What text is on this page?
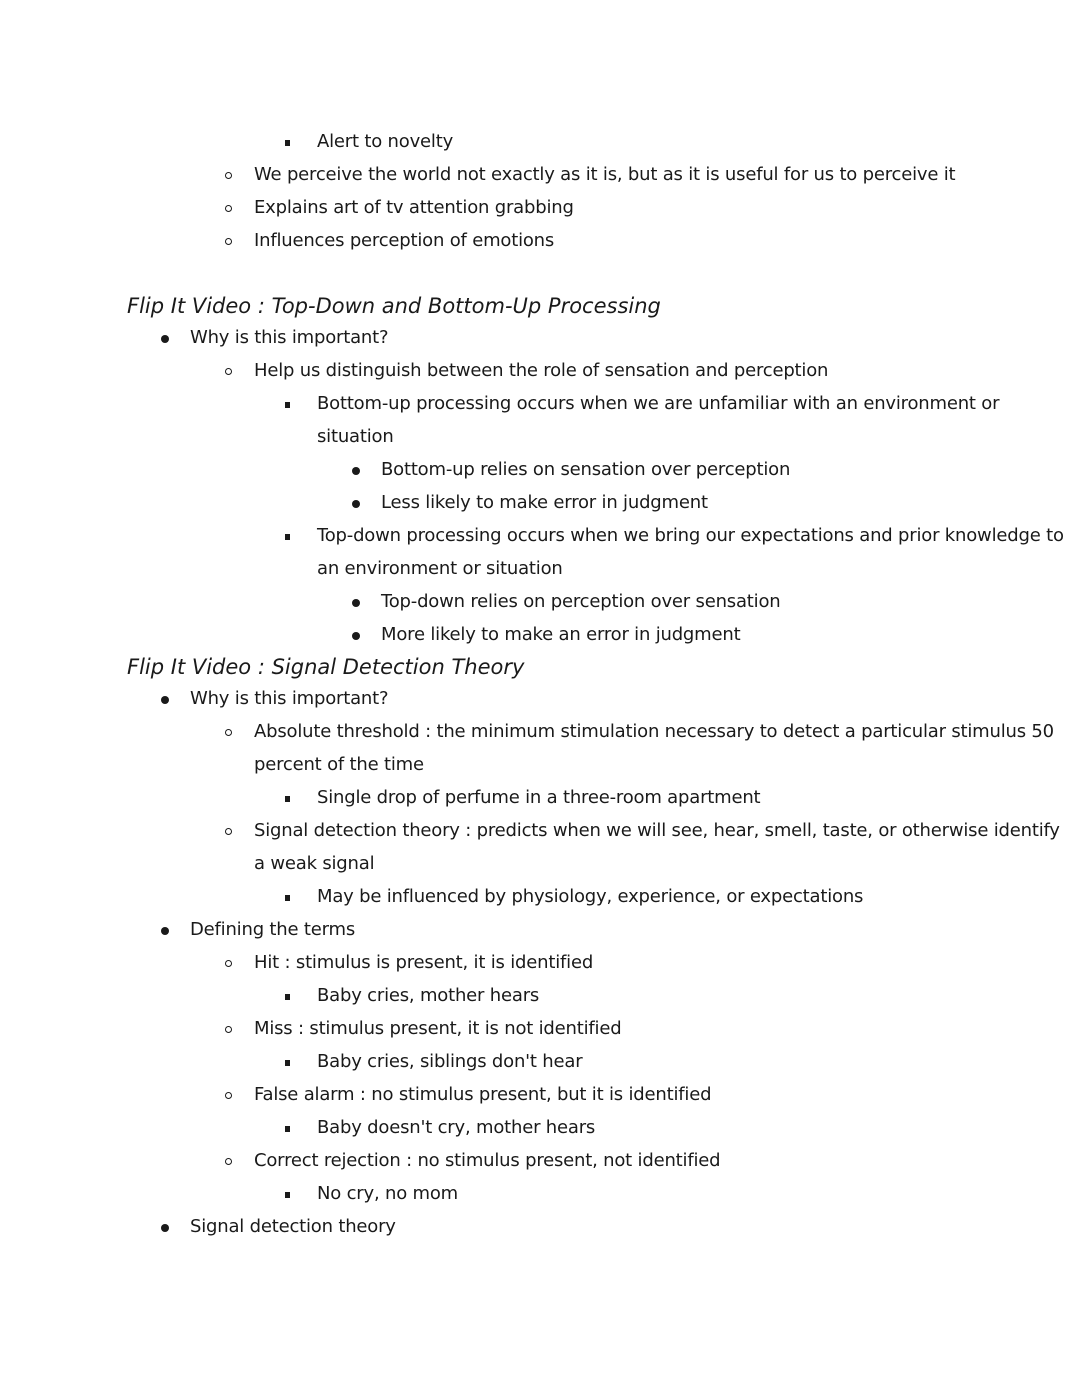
Alert to novelty
We perceive the world not exactly as it is, but as it is useful for us to perceive it
Explains art of tv attention grabbing
Influences perception of emotions
Flip It Video : Top-Down and Bottom-Up Processing
Why is this important?
Help us distinguish between the role of sensation and perception
Bottom-up processing occurs when we are unfamiliar with an environment or
situation
Bottom-up relies on sensation over perception
Less likely to make error in judgment
Top-down processing occurs when we bring our expectations and prior knowledge to
an environment or situation
Top-down relies on perception over sensation
More likely to make an error in judgment
Flip It Video : Signal Detection Theory
Why is this important?
Absolute threshold : the minimum stimulation necessary to detect a particular stimulus 50
percent of the time
Single drop of perfume in a three-room apartment
Signal detection theory : predicts when we will see, hear, smell, taste, or otherwise identify
a weak signal
May be influenced by physiology, experience, or expectations
Defining the terms
Hit : stimulus is present, it is identified
Baby cries, mother hears
Miss : stimulus present, it is not identified
Baby cries, siblings don't hear
False alarm : no stimulus present, but it is identified
Baby doesn't cry, mother hears
Correct rejection : no stimulus present, not identified
No cry, no mom
Signal detection theory
